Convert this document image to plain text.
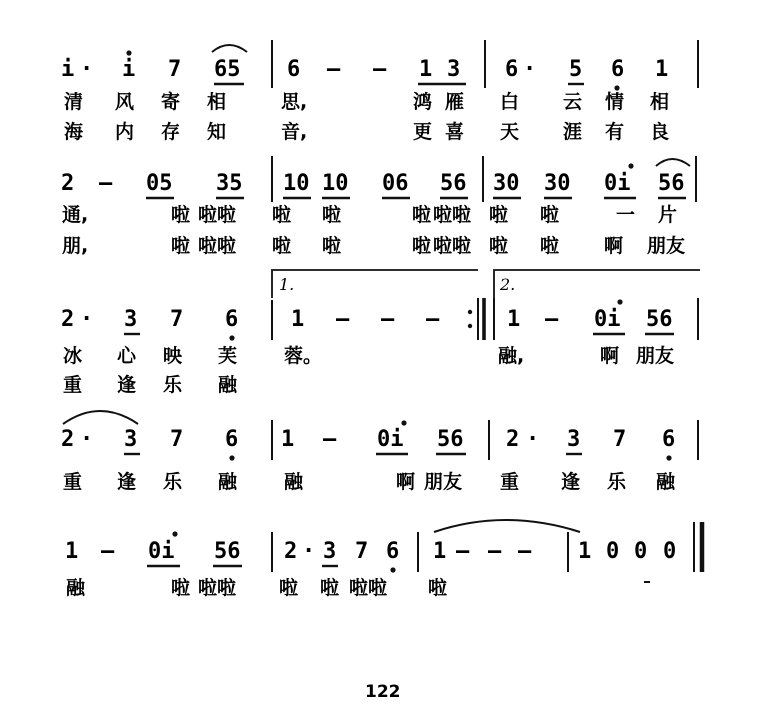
i · i 7 65 6 — — 1 3 6 · 5 6 1
清 风 寄 相	思,	鸿 雁 白 云 情 相
海 内 存 知	音,	更 喜 天 涯 有 良
2 — 05 35 10 10 06 56 30 30 0i 56
通,	啦 啦啦 啦 啦	啦 啦啦 啦 啦	一 片
朋,	啦 啦啦 啦 啦	啦 啦啦 啦 啦 啊 朋友
1.	2.
2 · 3 7 6 1 — — —	1 — 0i 56
冰 心 映 芙 蓉。	融,	啊 朋友
重 逢 乐 融
2 · 3 7 6 1 — 0i 56 2 · 3 7 6
重 逢 乐 融 融	啊 朋友 重 逢 乐 融
1 — 0i 56 2 · 3 7 6 1 — — — 1 0 0 0
融	啦 啦啦 啦 啦 啦啦 啦
122
